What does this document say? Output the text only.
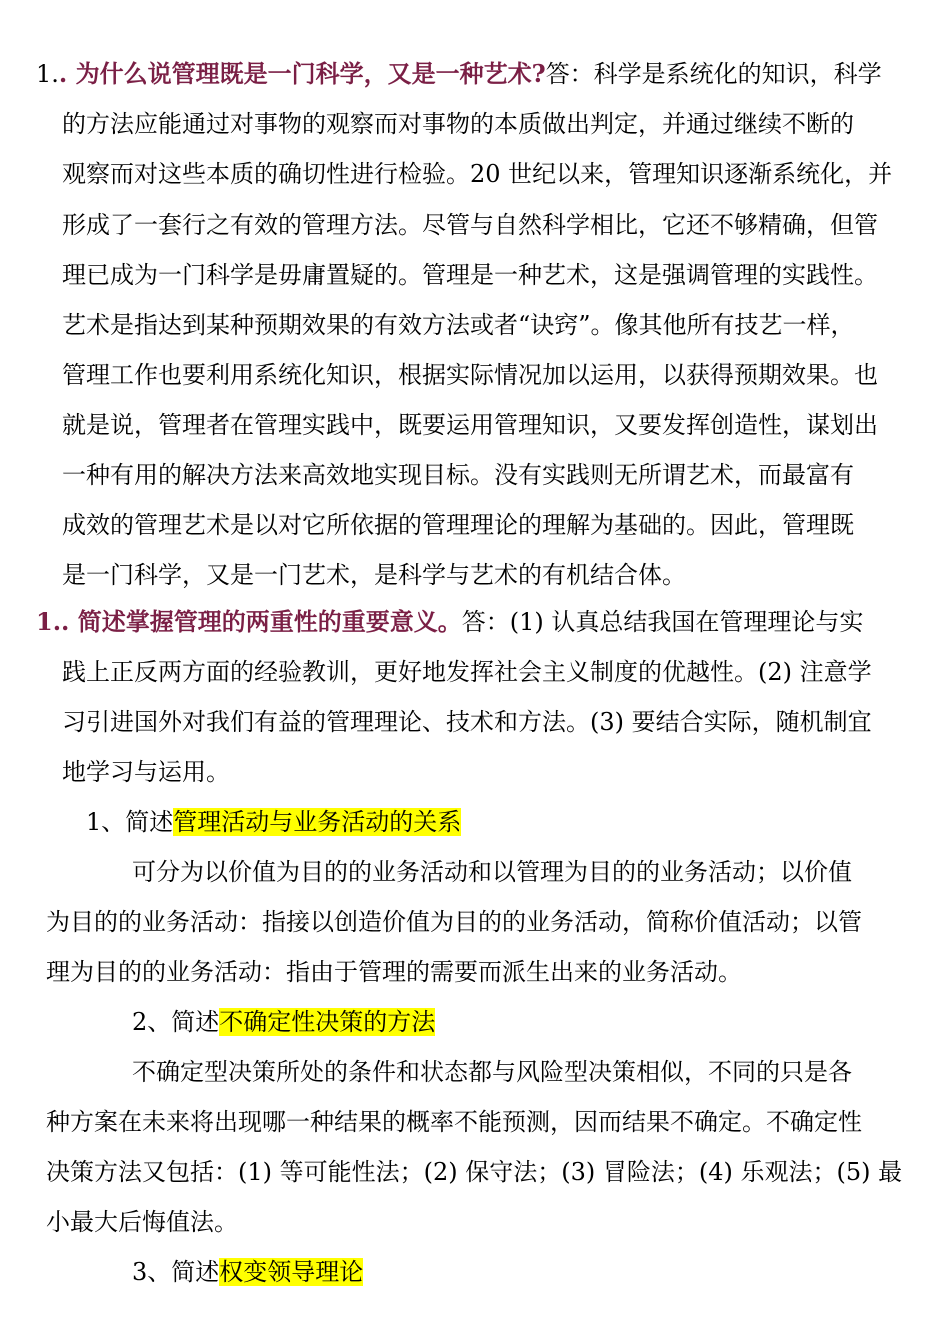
1.. 为什么说管理既是一门科学，又是一种艺术?答：科学是系统化的知识，科学
的方法应能通过对事物的观察而对事物的本质做出判定，并通过继续不断的
观察而对这些本质的确切性进行检验。20 世纪以来，管理知识逐渐系统化，并
形成了一套行之有效的管理方法。尽管与自然科学相比，它还不够精确，但管
理已成为一门科学是毋庸置疑的。管理是一种艺术，这是强调管理的实践性。
艺术是指达到某种预期效果的有效方法或者“诀窍”。像其他所有技艺一样，
管理工作也要利用系统化知识，根据实际情况加以运用，以获得预期效果。也
就是说，管理者在管理实践中，既要运用管理知识，又要发挥创造性，谋划出
一种有用的解决方法来高效地实现目标。没有实践则无所谓艺术，而最富有
成效的管理艺术是以对它所依据的管理理论的理解为基础的。因此，管理既
是一门科学，又是一门艺术，是科学与艺术的有机结合体。
1.. 简述掌握管理的两重性的重要意义。答：(1) 认真总结我国在管理理论与实
践上正反两方面的经验教训，更好地发挥社会主义制度的优越性。(2) 注意学
习引进国外对我们有益的管理理论、技术和方法。(3) 要结合实际，随机制宜
地学习与运用。
1、简述管理活动与业务活动的关系
可分为以价值为目的的业务活动和以管理为目的的业务活动；以价值
为目的的业务活动：指接以创造价值为目的的业务活动，简称价值活动；以管
理为目的的业务活动：指由于管理的需要而派生出来的业务活动。
2、简述不确定性决策的方法
不确定型决策所处的条件和状态都与风险型决策相似，不同的只是各
种方案在未来将出现哪一种结果的概率不能预测，因而结果不确定。不确定性
决策方法又包括：(1) 等可能性法；(2) 保守法；(3) 冒险法；(4) 乐观法；(5) 最
小最大后悔值法。
3、简述权变领导理论
